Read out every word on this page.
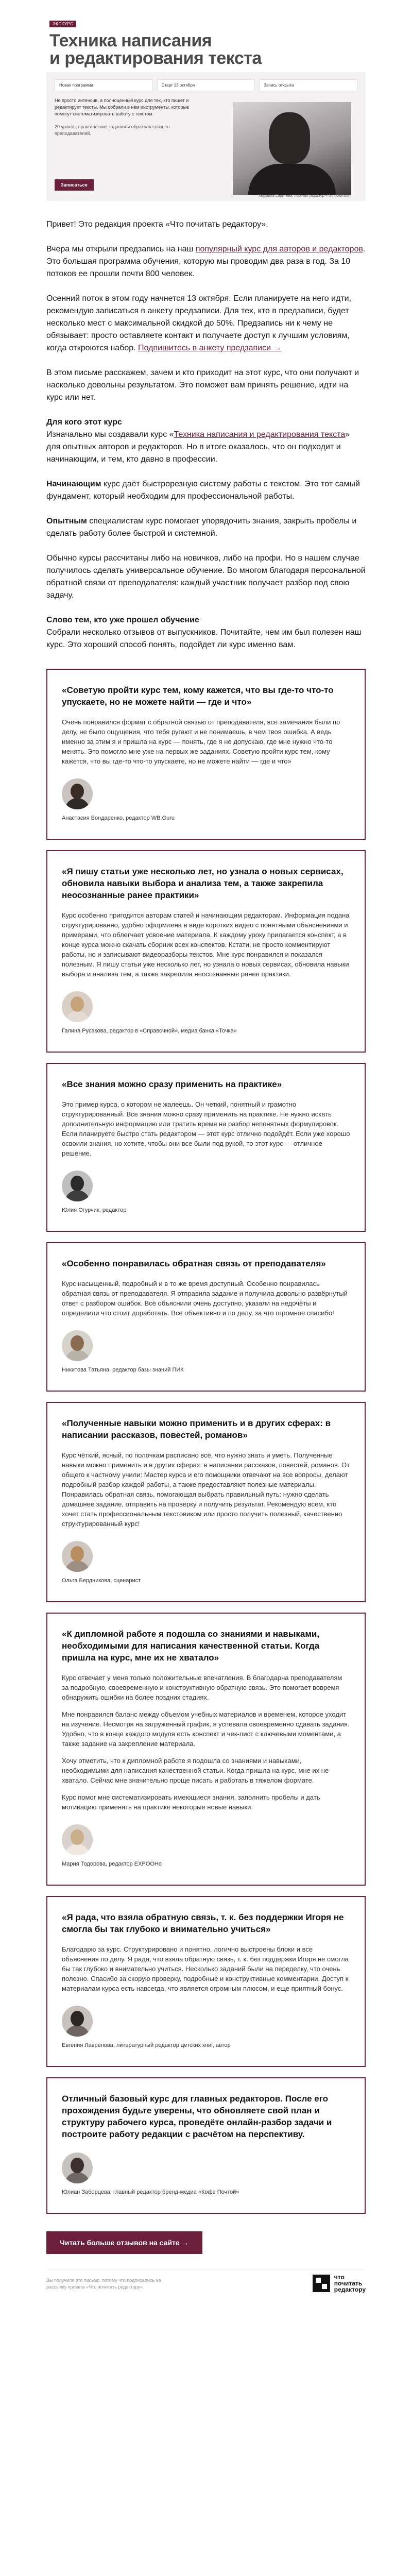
ЭКСКУРС
Техника написания
и редактирования текста
Новая программа	Старт 13 октября	Запись открыта
Не просто интенсив, а полноценный курс для тех, кто пишет и редактирует тексты. Мы собрали в нём инструменты, которые помогут систематизировать работу с текстом.
20 уроков, практические задания и обратная связь от преподавателей.
Записаться
Людмила Сарычева, главный редактор «Что почитать»

Привет! Это редакция проекта «Что почитать редактору».

Вчера мы открыли предзапись на наш популярный курс для авторов и редакторов. Это большая программа обучения, которую мы проводим два раза в год. За 10 потоков ее прошли почти 800 человек.

Осенний поток в этом году начнется 13 октября. Если планируете на него идти, рекомендую записаться в анкету предзаписи. Для тех, кто в предзаписи, будет несколько мест с максимальной скидкой до 50%. Предзапись ни к чему не обязывает: просто оставляете контакт и получаете доступ к лучшим условиям, когда откроются набор. Подпишитесь в анкету предзаписи →

В этом письме расскажем, зачем и кто приходит на этот курс, что они получают и насколько довольны результатом. Это поможет вам принять решение, идти на курс или нет.

Для кого этот курс

Изначально мы создавали курс «Техника написания и редактирования текста» для опытных авторов и редакторов. Но в итоге оказалось, что он подходит и начинающим, и тем, кто давно в профессии.

Начинающим курс даёт быстрорезную систему работы с текстом. Это тот самый фундамент, который необходим для профессиональной работы.

Опытным специалистам курс помогает упорядочить знания, закрыть пробелы и сделать работу более быстрой и системной.

Обычно курсы рассчитаны либо на новичков, либо на профи. Но в нашем случае получилось сделать универсальное обучение. Во многом благодаря персональной обратной связи от преподавателя: каждый участник получает разбор под свою задачу.

Слово тем, кто уже прошел обучение

Собрали несколько отзывов от выпускников. Почитайте, чем им был полезен наш курс. Это хороший способ понять, подойдет ли курс именно вам.

«Советую пройти курс тем, кому кажется, что вы где-то что-то упускаете, но не можете найти — где и что»

Очень понравился формат с обратной связью от преподавателя, все замечания были по делу, не было ощущения, что тебя ругают и не понимаешь, в чем твоя ошибка. А ведь именно за этим я и пришла на курс — понять, где я не допускаю, где мне нужно что-то менять. Это помогло мне уже на первых же заданиях. Советую пройти курс тем, кому кажется, что вы где-то что-то упускаете, но не можете найти — где и что»

Анастасия Бондаренко, редактор WB.Guru
«Я пишу статьи уже несколько лет, но узнала о новых сервисах, обновила навыки выбора и анализа тем, а также закрепила неосознанные ранее практики»

Курс особенно пригодится авторам статей и начинающим редакторам. Информация подана структурированно, удобно оформлена в виде коротких видео с понятными объяснениями и примерами, что облегчает усвоение материала. К каждому уроку прилагается конспект, а в конце курса можно скачать сборник всех конспектов. Кстати, не просто комментируют работы, но и записывают видеоразборы текстов. Мне курс понравился и показался полезным. Я пишу статьи уже несколько лет, но узнала о новых сервисах, обновила навыки выбора и анализа тем, а также закрепила неосознанные ранее практики.

Галина Русакова, редактор в «Справочной», медиа банка «Точка»
«Все знания можно сразу применить на практике»

Это пример курса, о котором не жалеешь. Он четкий, понятный и грамотно структурированный. Все знания можно сразу применить на практике. Не нужно искать дополнительную информацию или тратить время на разбор непонятных формулировок. Если планируете быстро стать редактором — этот курс отлично подойдёт. Если уже хорошо освоили знания, но хотите, чтобы они все были под рукой, то этот курс — отличное решение.

Юлия Огурчик, редактор
«Особенно понравилась обратная связь от преподавателя»

Курс насыщенный, подробный и в то же время доступный. Особенно понравилась обратная связь от преподавателя. Я отправила задание и получила довольно развёрнутый ответ с разбором ошибок. Всё объяснили очень доступно, указали на недочёты и определили что стоит доработать. Все объективно и по делу, за что огромное спасибо!

Никитова Татьяна, редактор базы знаний ПИК
«Полученные навыки можно применить и в других сферах: в написании рассказов, повестей, романов»

Курс чёткий, ясный, по полочкам расписано всё, что нужно знать и уметь. Полученные навыки можно применить и в других сферах: в написании рассказов, повестей, романов. От общего к частному учили: Мастер курса и его помощники отвечают на все вопросы, делают подробный разбор каждой работы, а также предоставляют полезные материалы. Понравилась обратная связь, помогающая выбрать правильный путь: нужно сделать домашнее задание, отправить на проверку и получить результат. Рекомендую всем, кто хочет стать профессиональным текстовиком или просто получить полезный, качественно структурированный курс!

Ольга Бердникова, сценарист
«К дипломной работе я подошла со знаниями и навыками, необходимыми для написания качественной статьи. Когда пришла на курс, мне их не хватало»

Курс отвечает у меня только положительные впечатления. В благодарна преподавателям за подробную, своевременную и конструктивную обратную связь. Это помогает вовремя обнаружить ошибки на более поздних стадиях.

Мне понравился баланс между объемом учебных материалов и временем, которое уходит на изучение. Несмотря на загруженный график, я успевала своевременно сдавать задания. Удобно, что в конце каждого модуля есть конспект и чек-лист с ключевыми моментами, а также задание на закрепление материала.

Хочу отметить, что к дипломной работе я подошла со знаниями и навыками, необходимыми для написания качественной статьи. Когда пришла на курс, мне их не хватало. Сейчас мне значительно проще писать и работать в тяжелом формате.

Курс помог мне систематизировать имеющиеся знания, заполнить пробелы и дать мотивацию применять на практике некоторые новые навыки.

Мария Тодорова, редактор EXPOOHo
«Я рада, что взяла обратную связь, т. к. без поддержки Игоря не смогла бы так глубоко и внимательно учиться»

Благодарю за курс. Структурировано и понятно, логично выстроены блоки и все объяснения по делу. Я рада, что взяла обратную связь, т. к. без поддержки Игоря не смогла бы так глубоко и внимательно учиться. Несколько заданий были на переделку, что очень полезно. Спасибо за скорую проверку, подробные и конструктивные комментарии. Доступ к материалам курса есть навсегда, что является огромным плюсом, и еще приятный бонус.

Евгения Лавренова, литературный редактор детских книг, автор
Отличный базовый курс для главных редакторов. После его прохождения будьте уверены, что обновляете свой план и структуру рабочего курса, проведёте онлайн-разбор задачи и построите работу редакции с расчётом на перспективу.
Юлиан Заборцева, главный редактор бренд-медиа «Кофе Почтой»
Читать больше отзывов на сайте →
Вы получили это письмо, потому что подписались на рассылку проекта «Что почитать редактору».
что
почитать
редактору
